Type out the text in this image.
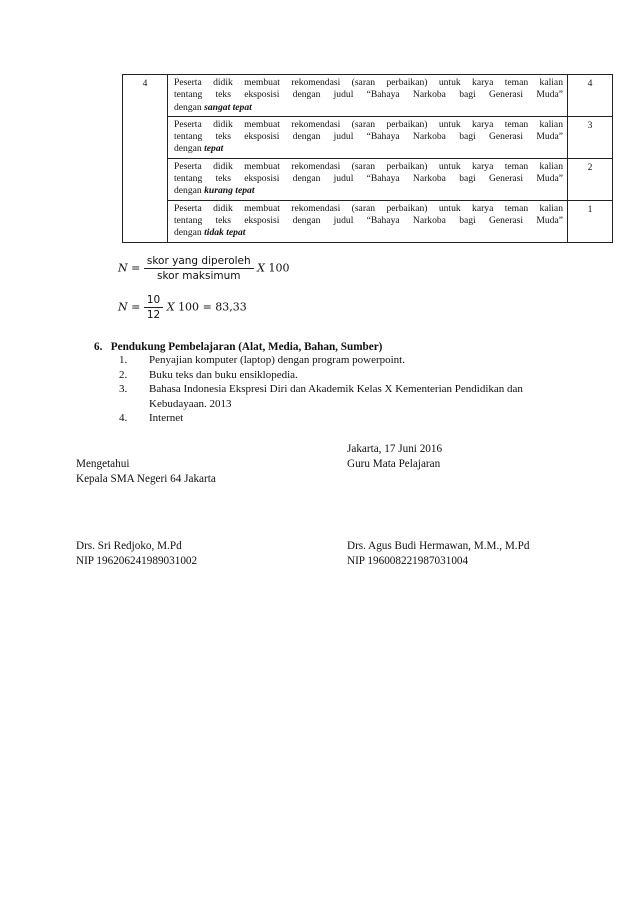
4	Peserta didik membuat rekomendasi (saran perbaikan) untuk karya teman kalian
tentang teks eksposisi dengan judul “Bahaya Narkoba bagi Generasi Muda”
dengan sangat tepat	4

	Peserta didik membuat rekomendasi (saran perbaikan) untuk karya teman kalian
tentang teks eksposisi dengan judul “Bahaya Narkoba bagi Generasi Muda”
dengan tepat	3

	Peserta didik membuat rekomendasi (saran perbaikan) untuk karya teman kalian
tentang teks eksposisi dengan judul “Bahaya Narkoba bagi Generasi Muda”
dengan kurang tepat	2

	Peserta didik membuat rekomendasi (saran perbaikan) untuk karya teman kalian
tentang teks eksposisi dengan judul “Bahaya Narkoba bagi Generasi Muda”
dengan tidak tepat	1
$N = \frac{\text{skor yang diperoleh}}{\text{skor maksimum}}$ X 100
$N = \frac{10}{12}$ X 100 = 83,33
6.  Pendukung Pembelajaran (Alat, Media, Bahan, Sumber)
1. Penyajian komputer (laptop) dengan program powerpoint.
2. Buku teks dan buku ensiklopedia.
3. Bahasa Indonesia Ekspresi Diri dan Akademik Kelas X Kementerian Pendidikan dan
Kebudayaan. 2013
4. Internet
Jakarta, 17 Juni 2016
Mengetahui	Guru Mata Pelajaran
Kepala SMA Negeri 64 Jakarta
Drs. Sri Redjoko, M.Pd	Drs. Agus Budi Hermawan, M.M., M.Pd
NIP 196206241989031002	NIP 196008221987031004
